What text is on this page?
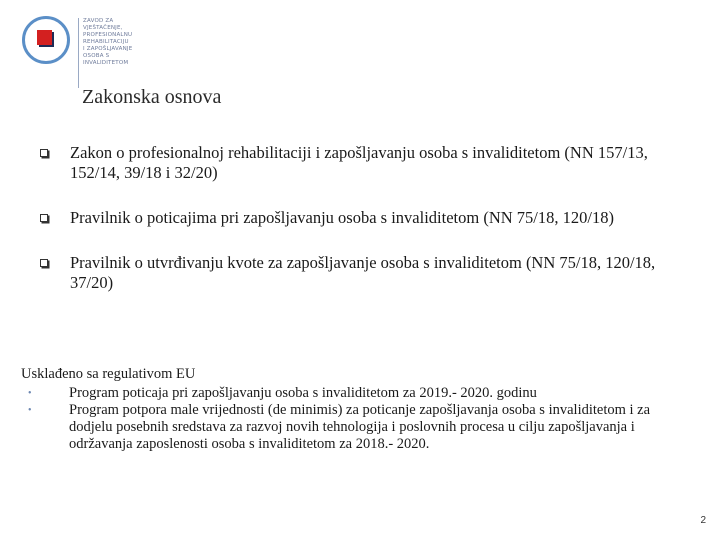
ZAVOD ZA
VJEŠTAČENJE,
PROFESIONALNU
REHABILITACIJU
I ZAPOŠLJAVANJE
OSOBA S
INVALIDITETOM
Zakonska osnova
Zakon o profesionalnoj rehabilitaciji i zapošljavanju osoba s invaliditetom (NN 157/13, 152/14, 39/18 i 32/20)
Pravilnik o poticajima pri zapošljavanju osoba s invaliditetom (NN 75/18, 120/18)
Pravilnik o utvrđivanju kvote za zapošljavanje osoba s invaliditetom (NN 75/18, 120/18, 37/20)

Usklađeno sa regulativom EU

•	Program poticaja pri zapošljavanju osoba s invaliditetom za 2019.- 2020. godinu
•	Program potpora male vrijednosti (de minimis) za poticanje zapošljavanja osoba s invaliditetom i za dodjelu posebnih sredstava za razvoj novih tehnologija i poslovnih procesa u cilju zapošljavanja i održavanja zaposlenosti osoba s invaliditetom za 2018.- 2020.
2
